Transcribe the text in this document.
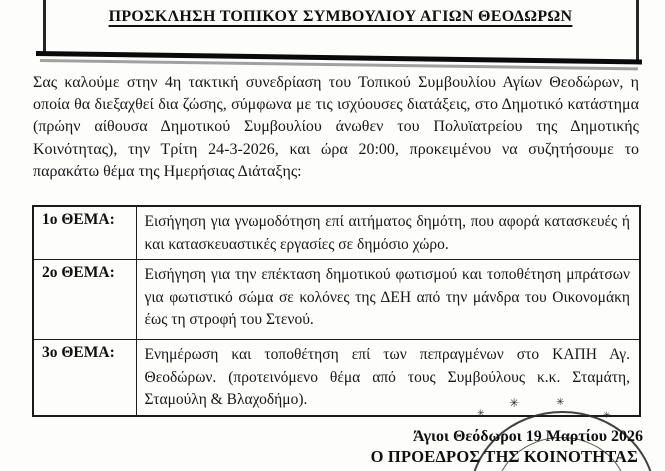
ΠΡΟΣΚΛΗΣΗ ΤΟΠΙΚΟΥ ΣΥΜΒΟΥΛΙΟΥ ΑΓΙΩΝ ΘΕΟΔΩΡΩΝ
Σας καλούμε στην 4η τακτική συνεδρίαση του Τοπικού Συμβουλίου Αγίων Θεοδώρων, η οποία θα διεξαχθεί δια ζώσης, σύμφωνα με τις ισχύουσες διατάξεις, στο Δημοτικό κατάστημα (πρώην αίθουσα Δημοτικού Συμβουλίου άνωθεν του Πολυϊατρείου της Δημοτικής Κοινότητας), την Τρίτη 24-3-2026, και ώρα 20:00, προκειμένου να συζητήσουμε το παρακάτω θέμα της Ημερήσιας Διάταξης:
1ο ΘΕΜΑ:	Εισήγηση για γνωμοδότηση επί αιτήματος δημότη, που αφορά κατασκευές ή και κατασκευαστικές εργασίες σε δημόσιο χώρο.
2ο ΘΕΜΑ:	Εισήγηση για την επέκταση δημοτικού φωτισμού και τοποθέτηση μπράτσων για φωτιστικό σώμα σε κολόνες της ΔΕΗ από την μάνδρα του Οικονομάκη έως τη στροφή του Στενού.
3ο ΘΕΜΑ:	Ενημέρωση και τοποθέτηση επί των πεπραγμένων στο ΚΑΠΗ Αγ. Θεοδώρων. (προτεινόμενο θέμα από τους Συμβούλους κ.κ. Σταμάτη, Σταμούλη & Βλαχοδήμο).	✳
✳
✳
✳
Άγιοι Θεόδωροι 19 Μαρτίου 2026
Ο ΠΡΟΕΔΡΟΣ ΤΗΣ ΚΟΙΝΟΤΗΤΑΣ
